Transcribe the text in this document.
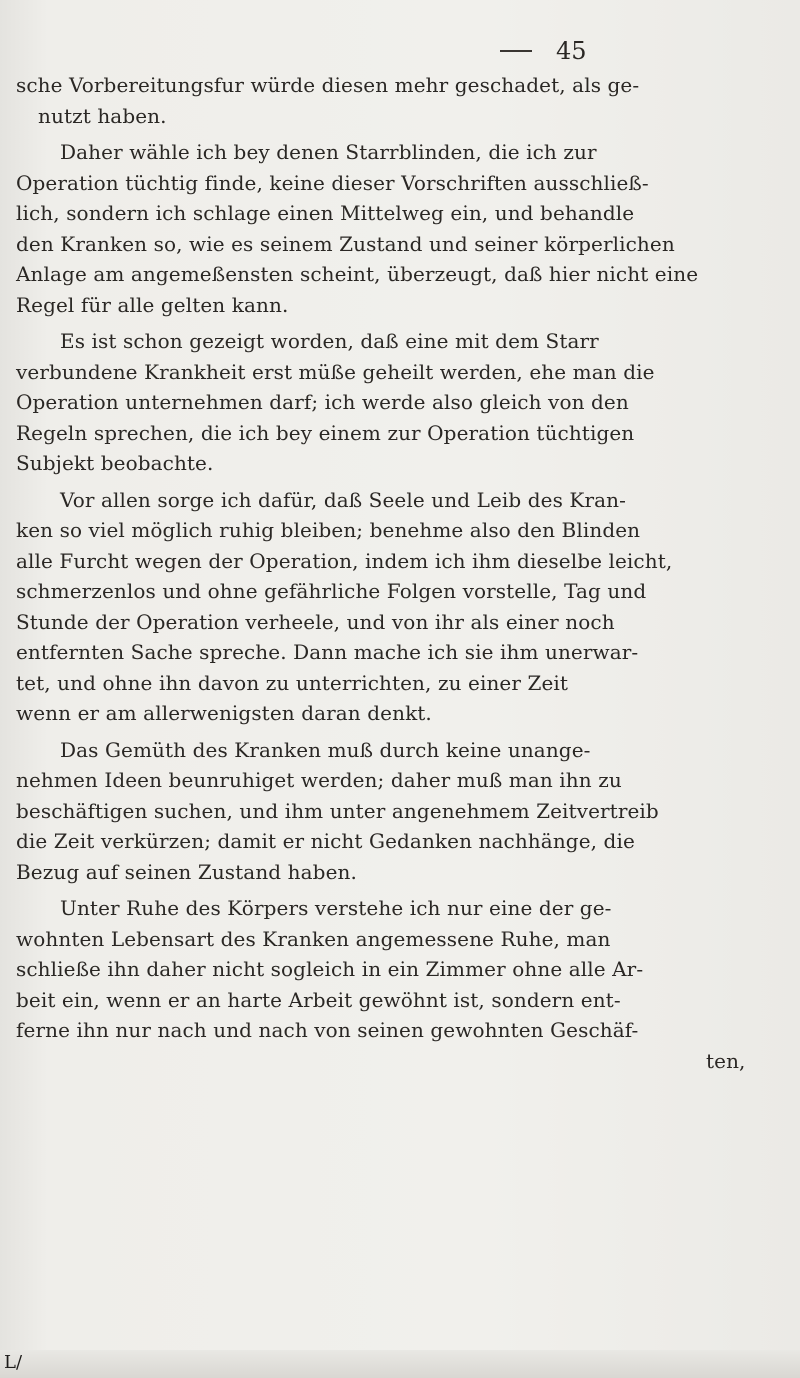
45
sche Vorbereitungsfur würde diesen mehr geschadet, als ge-
nutzt haben.
Daher wähle ich bey denen Starrblinden, die ich zur
Operation tüchtig finde, keine dieser Vorschriften ausschließ-
lich, sondern ich schlage einen Mittelweg ein, und behandle
den Kranken so, wie es seinem Zustand und seiner körperlichen
Anlage am angemeßensten scheint, überzeugt, daß hier nicht eine
Regel für alle gelten kann.
Es ist schon gezeigt worden, daß eine mit dem Starr
verbundene Krankheit erst müße geheilt werden, ehe man die
Operation unternehmen darf; ich werde also gleich von den
Regeln sprechen, die ich bey einem zur Operation tüchtigen
Subjekt beobachte.
Vor allen sorge ich dafür, daß Seele und Leib des Kran-
ken so viel möglich ruhig bleiben; benehme also den Blinden
alle Furcht wegen der Operation, indem ich ihm dieselbe leicht,
schmerzenlos und ohne gefährliche Folgen vorstelle, Tag und
Stunde der Operation verheele, und von ihr als einer noch
entfernten Sache spreche. Dann mache ich sie ihm unerwar-
tet, und ohne ihn davon zu unterrichten, zu einer Zeit
wenn er am allerwenigsten daran denkt.
Das Gemüth des Kranken muß durch keine unange-
nehmen Ideen beunruhiget werden; daher muß man ihn zu
beschäftigen suchen, und ihm unter angenehmem Zeitvertreib
die Zeit verkürzen; damit er nicht Gedanken nachhänge, die
Bezug auf seinen Zustand haben.
Unter Ruhe des Körpers verstehe ich nur eine der ge-
wohnten Lebensart des Kranken angemessene Ruhe, man
schließe ihn daher nicht sogleich in ein Zimmer ohne alle Ar-
beit ein, wenn er an harte Arbeit gewöhnt ist, sondern ent-
ferne ihn nur nach und nach von seinen gewohnten Geschäf-
ten,
L/
